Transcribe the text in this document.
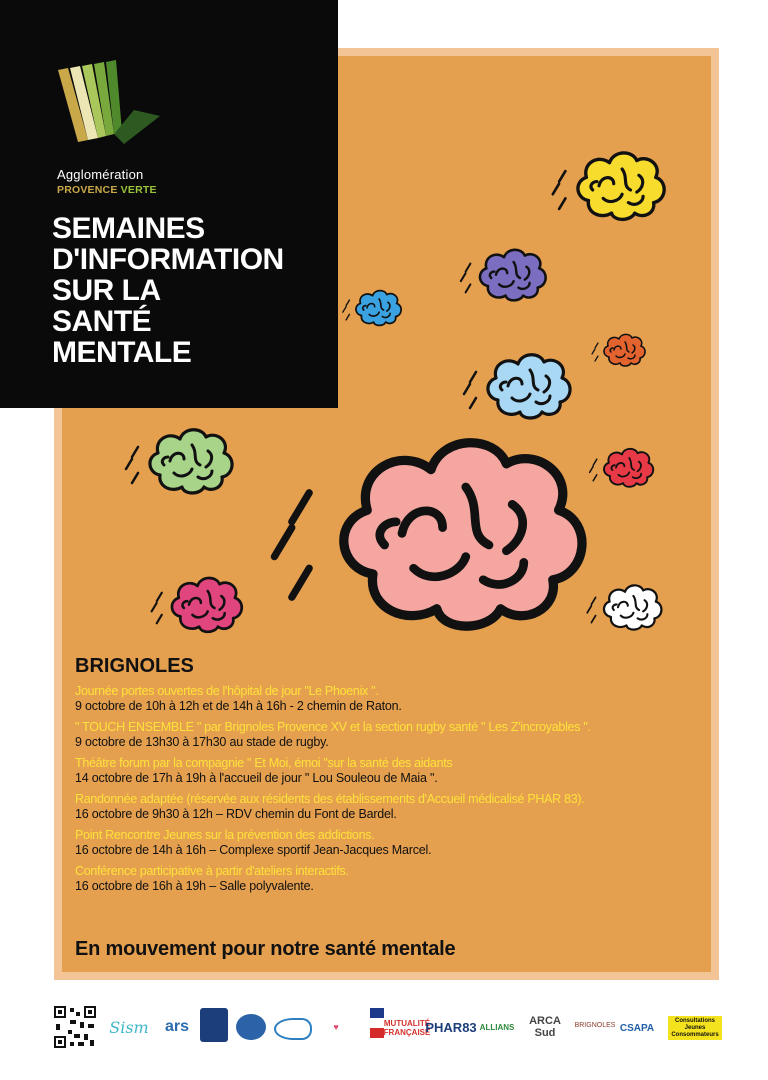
Agglomération
PROVENCE VERTE
SEMAINES
D'INFORMATION
SUR LA
SANTÉ
MENTALE
BRIGNOLES
Journée portes ouvertes de l'hôpital de jour "Le Phoenix ".
9 octobre de 10h à 12h et de 14h à 16h - 2 chemin de Raton.
" TOUCH ENSEMBLE " par Brignoles Provence XV et la section rugby santé " Les Z'incroyables ".
9 octobre de 13h30 à 17h30 au stade de rugby.
Théâtre forum par la compagnie " Et Moi, émoi "sur la santé des aidants
14 octobre de 17h à 19h à l'accueil de jour " Lou Souleou de Maia ".
Randonnée adaptée (réservée aux résidents des établissements d'Accueil médicalisé PHAR 83).
16 octobre de 9h30 à 12h – RDV chemin du Font de Bardel.
Point Rencontre Jeunes sur la prévention des addictions.
16 octobre de 14h à 16h – Complexe sportif Jean-Jacques Marcel.
Conférence participative à partir d'ateliers interactifs.
16 octobre de 16h à 19h – Salle polyvalente.
En mouvement pour notre santé mentale
Sism	ars	♥	MUTUALITÉ FRANÇAISE
PHAR83 ALLIANS	ARCA Sud
BRIGNOLES CSAPA
Consultations Jeunes Consommateurs
